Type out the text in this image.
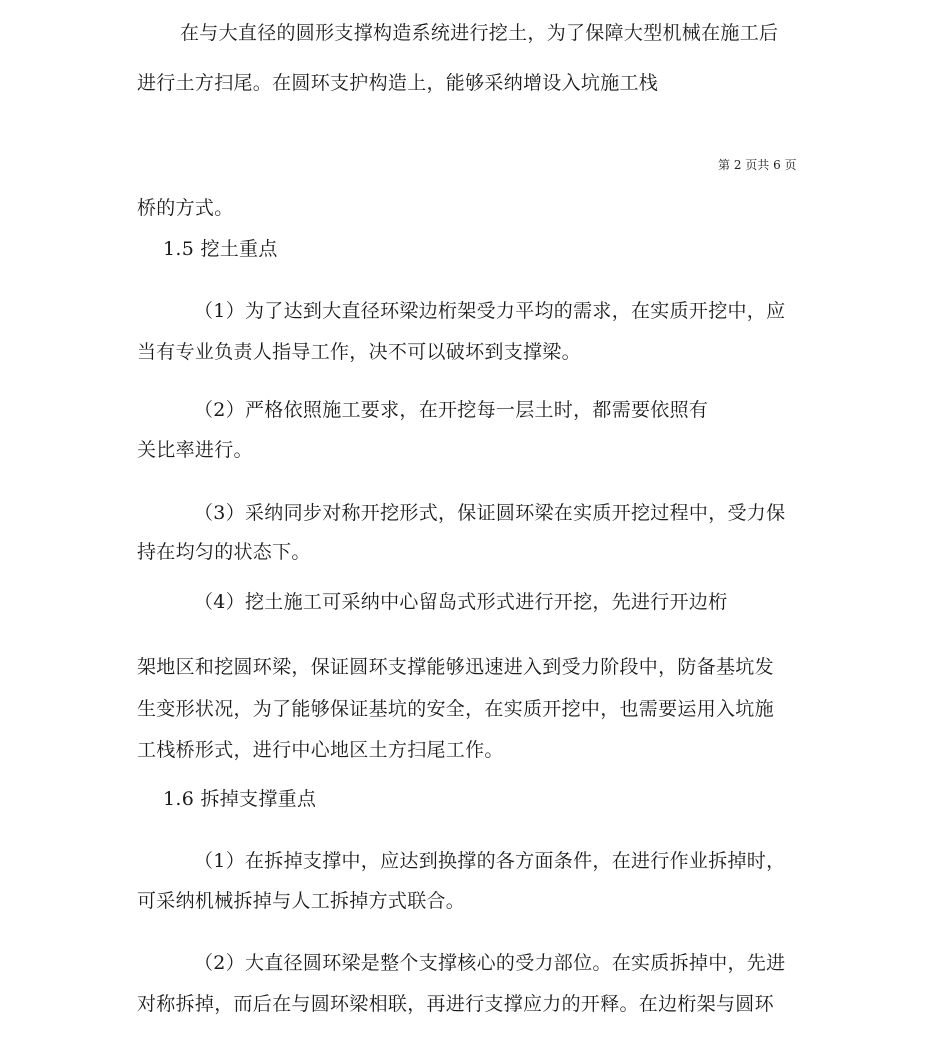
在与大直径的圆形支撑构造系统进行挖土，为了保障大型机械在施工后
进行土方扫尾。在圆环支护构造上，能够采纳增设入坑施工栈
第 2 页共 6 页
桥的方式。
1.5 挖土重点
（1）为了达到大直径环梁边桁架受力平均的需求，在实质开挖中，应
当有专业负责人指导工作，决不可以破坏到支撑梁。
（2）严格依照施工要求，在开挖每一层土时，都需要依照有
关比率进行。
（3）采纳同步对称开挖形式，保证圆环梁在实质开挖过程中，受力保
持在均匀的状态下。
（4）挖土施工可采纳中心留岛式形式进行开挖，先进行开边桁
架地区和挖圆环梁，保证圆环支撑能够迅速进入到受力阶段中，防备基坑发
生变形状况，为了能够保证基坑的安全，在实质开挖中，也需要运用入坑施
工栈桥形式，进行中心地区土方扫尾工作。
1.6 拆掉支撑重点
（1）在拆掉支撑中，应达到换撑的各方面条件，在进行作业拆掉时，
可采纳机械拆掉与人工拆掉方式联合。
（2）大直径圆环梁是整个支撑核心的受力部位。在实质拆掉中，先进
对称拆掉，而后在与圆环梁相联，再进行支撑应力的开释。在边桁架与圆环
